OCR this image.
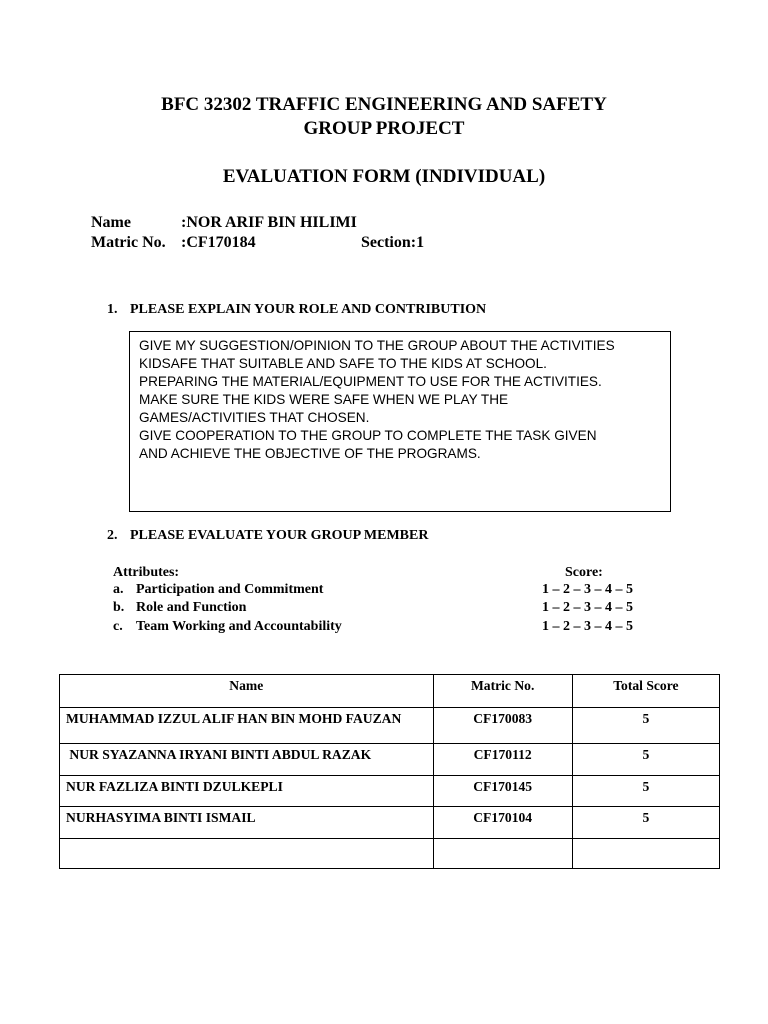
BFC 32302 TRAFFIC ENGINEERING AND SAFETY
GROUP PROJECT
EVALUATION FORM (INDIVIDUAL)
Name	:NOR ARIF BIN HILIMI
Matric No. :CF170184	Section:1
1. PLEASE EXPLAIN YOUR ROLE AND CONTRIBUTION
GIVE MY SUGGESTION/OPINION TO THE GROUP ABOUT THE ACTIVITIES
KIDSAFE THAT SUITABLE AND SAFE TO THE KIDS AT SCHOOL.
PREPARING THE MATERIAL/EQUIPMENT TO USE FOR THE ACTIVITIES.
MAKE SURE THE KIDS WERE SAFE WHEN WE PLAY THE
GAMES/ACTIVITIES THAT CHOSEN.
GIVE COOPERATION TO THE GROUP TO COMPLETE THE TASK GIVEN
AND ACHIEVE THE OBJECTIVE OF THE PROGRAMS.
2. PLEASE EVALUATE YOUR GROUP MEMBER
Attributes:	Score:
a. Participation and Commitment	1 – 2 – 3 – 4 – 5
b. Role and Function	1 – 2 – 3 – 4 – 5
c. Team Working and Accountability	1 – 2 – 3 – 4 – 5
Name	Matric No.	Total Score
MUHAMMAD IZZUL ALIF HAN BIN MOHD FAUZAN	CF170083	5
NUR SYAZANNA IRYANI BINTI ABDUL RAZAK	CF170112	5
NUR FAZLIZA BINTI DZULKEPLI	CF170145	5
NURHASYIMA BINTI ISMAIL	CF170104	5
